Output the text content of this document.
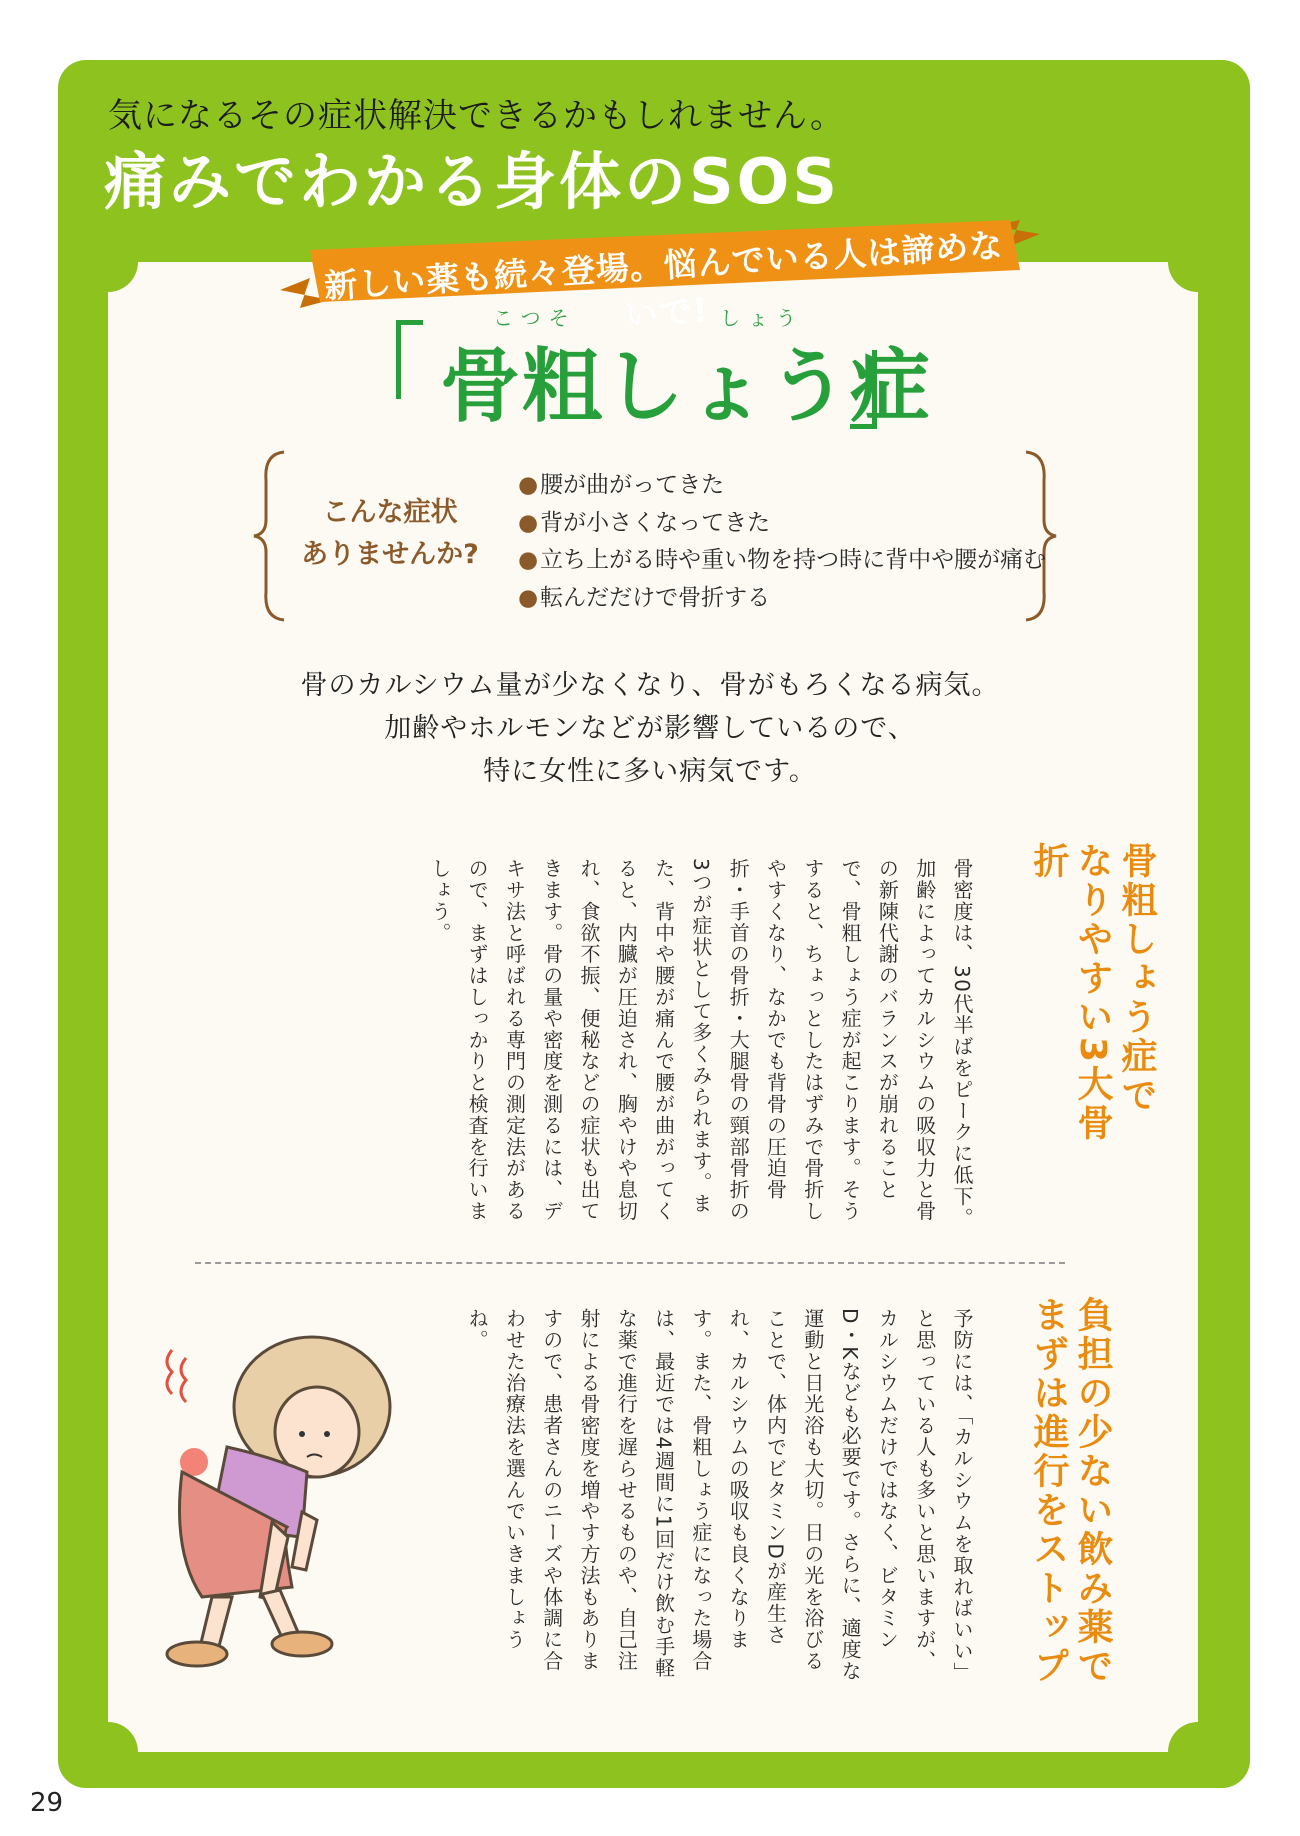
気になるその症状解決できるかもしれません。
痛みでわかる身体のSOS
新しい薬も続々登場。悩んでいる人は諦めないで!
こつそ	しょう
骨粗しょう症
こんな症状
ありませんか?
●腰が曲がってきた
●背が小さくなってきた
●立ち上がる時や重い物を持つ時に背中や腰が痛む
●転んだだけで骨折する
骨のカルシウム量が少なくなり、骨がもろくなる病気。
加齢やホルモンなどが影響しているので、
特に女性に多い病気です。
骨粗しょう症でなりやすい3大骨折
骨密度は、30代半ばをピークに低下。加齢によってカルシウムの吸収力と骨の新陳代謝のバランスが崩れることで、骨粗しょう症が起こります。そうすると、ちょっとしたはずみで骨折しやすくなり、なかでも背骨の圧迫骨折・手首の骨折・大腿骨の頸部骨折の3つが症状として多くみられます。また、背中や腰が痛んで腰が曲がってくると、内臓が圧迫され、胸やけや息切れ、食欲不振、便秘などの症状も出てきます。骨の量や密度を測るには、デキサ法と呼ばれる専門の測定法があるので、まずはしっかりと検査を行いましょう。
負担の少ない飲み薬でまずは進行をストップ
予防には、「カルシウムを取ればいい」と思っている人も多いと思いますが、カルシウムだけではなく、ビタミンD・Kなども必要です。さらに、適度な運動と日光浴も大切。日の光を浴びることで、体内でビタミンDが産生され、カルシウムの吸収も良くなります。また、骨粗しょう症になった場合は、最近では4週間に1回だけ飲む手軽な薬で進行を遅らせるものや、自己注射による骨密度を増やす方法もありますので、患者さんのニーズや体調に合わせた治療法を選んでいきましょうね。
29
